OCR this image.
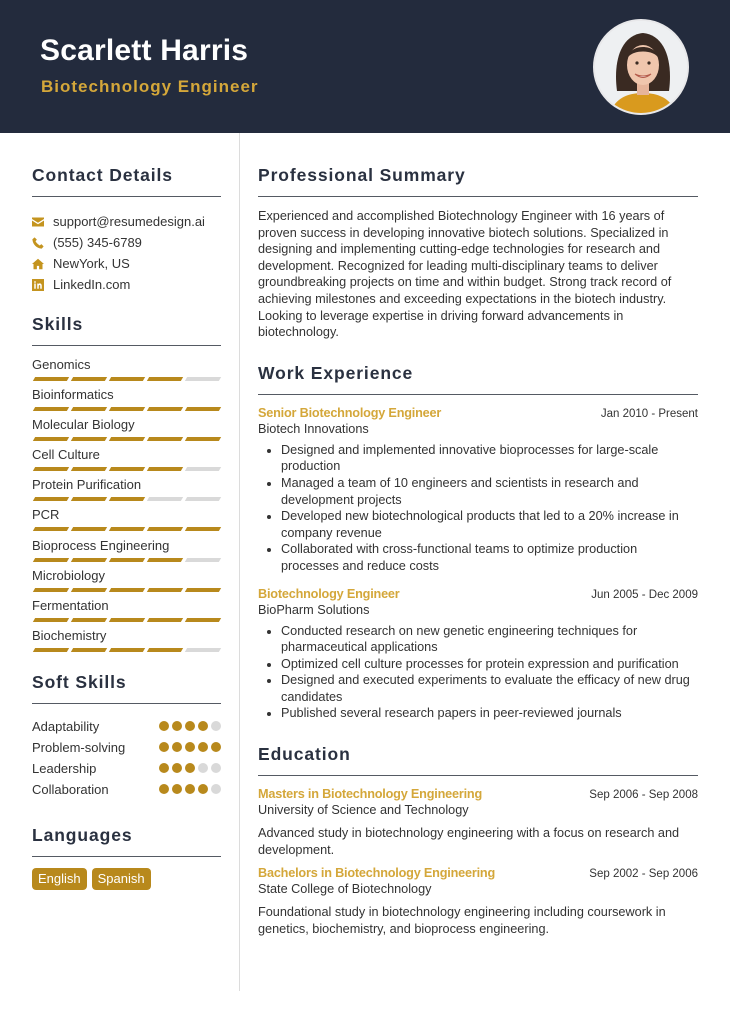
Scarlett Harris
Biotechnology Engineer
Contact Details
support@resumedesign.ai
(555) 345-6789
NewYork, US
LinkedIn.com
Skills
Genomics
Bioinformatics
Molecular Biology
Cell Culture
Protein Purification
PCR
Bioprocess Engineering
Microbiology
Fermentation
Biochemistry
Soft Skills
Adaptability
Problem-solving
Leadership
Collaboration
Languages
English	Spanish
Professional Summary

Experienced and accomplished Biotechnology Engineer with 16 years of proven success in developing innovative biotech solutions. Specialized in designing and implementing cutting-edge technologies for research and development. Recognized for leading multi-disciplinary teams to deliver groundbreaking projects on time and within budget. Strong track record of achieving milestones and exceeding expectations in the biotech industry. Looking to leverage expertise in driving forward advancements in biotechnology.

Work Experience
Senior Biotechnology Engineer	Jan 2010 - Present
Biotech Innovations
• Designed and implemented innovative bioprocesses for large-scale production
• Managed a team of 10 engineers and scientists in research and development projects
• Developed new biotechnological products that led to a 20% increase in company revenue
• Collaborated with cross-functional teams to optimize production processes and reduce costs
Biotechnology Engineer	Jun 2005 - Dec 2009
BioPharm Solutions
• Conducted research on new genetic engineering techniques for pharmaceutical applications
• Optimized cell culture processes for protein expression and purification
• Designed and executed experiments to evaluate the efficacy of new drug candidates
• Published several research papers in peer-reviewed journals
Education
Masters in Biotechnology Engineering	Sep 2006 - Sep 2008
University of Science and Technology

Advanced study in biotechnology engineering with a focus on research and development.

Bachelors in Biotechnology Engineering	Sep 2002 - Sep 2006
State College of Biotechnology

Foundational study in biotechnology engineering including coursework in genetics, biochemistry, and bioprocess engineering.
